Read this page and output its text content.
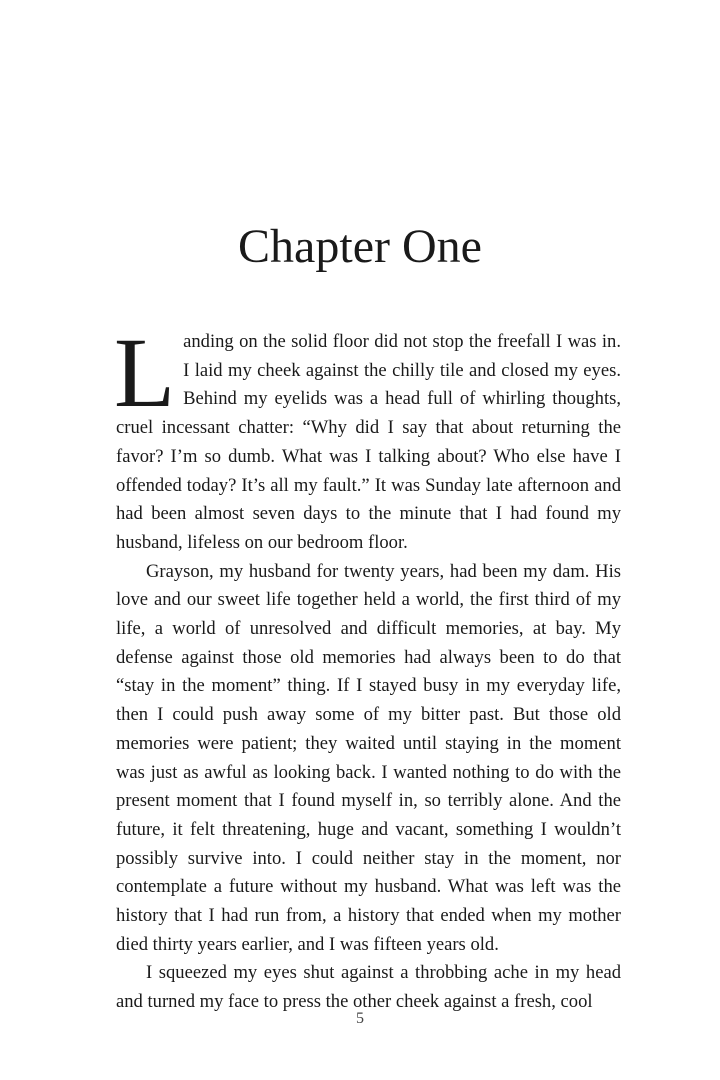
Chapter One

Landing on the solid floor did not stop the freefall I was in. I laid my cheek against the chilly tile and closed my eyes. Behind my eyelids was a head full of whirling thoughts, cruel incessant chatter: “Why did I say that about returning the favor? I’m so dumb. What was I talking about? Who else have I offended today? It’s all my fault.” It was Sunday late afternoon and had been almost seven days to the minute that I had found my husband, lifeless on our bedroom floor.

Grayson, my husband for twenty years, had been my dam. His love and our sweet life together held a world, the first third of my life, a world of unresolved and difficult memories, at bay. My defense against those old memories had always been to do that “stay in the moment” thing. If I stayed busy in my everyday life, then I could push away some of my bitter past. But those old memories were patient; they waited until staying in the moment was just as awful as looking back. I wanted nothing to do with the present moment that I found myself in, so terribly alone. And the future, it felt threatening, huge and vacant, something I wouldn’t possibly survive into. I could neither stay in the moment, nor contemplate a future without my husband. What was left was the history that I had run from, a history that ended when my mother died thirty years earlier, and I was fifteen years old.

I squeezed my eyes shut against a throbbing ache in my head and turned my face to press the other cheek against a fresh, cool

5
